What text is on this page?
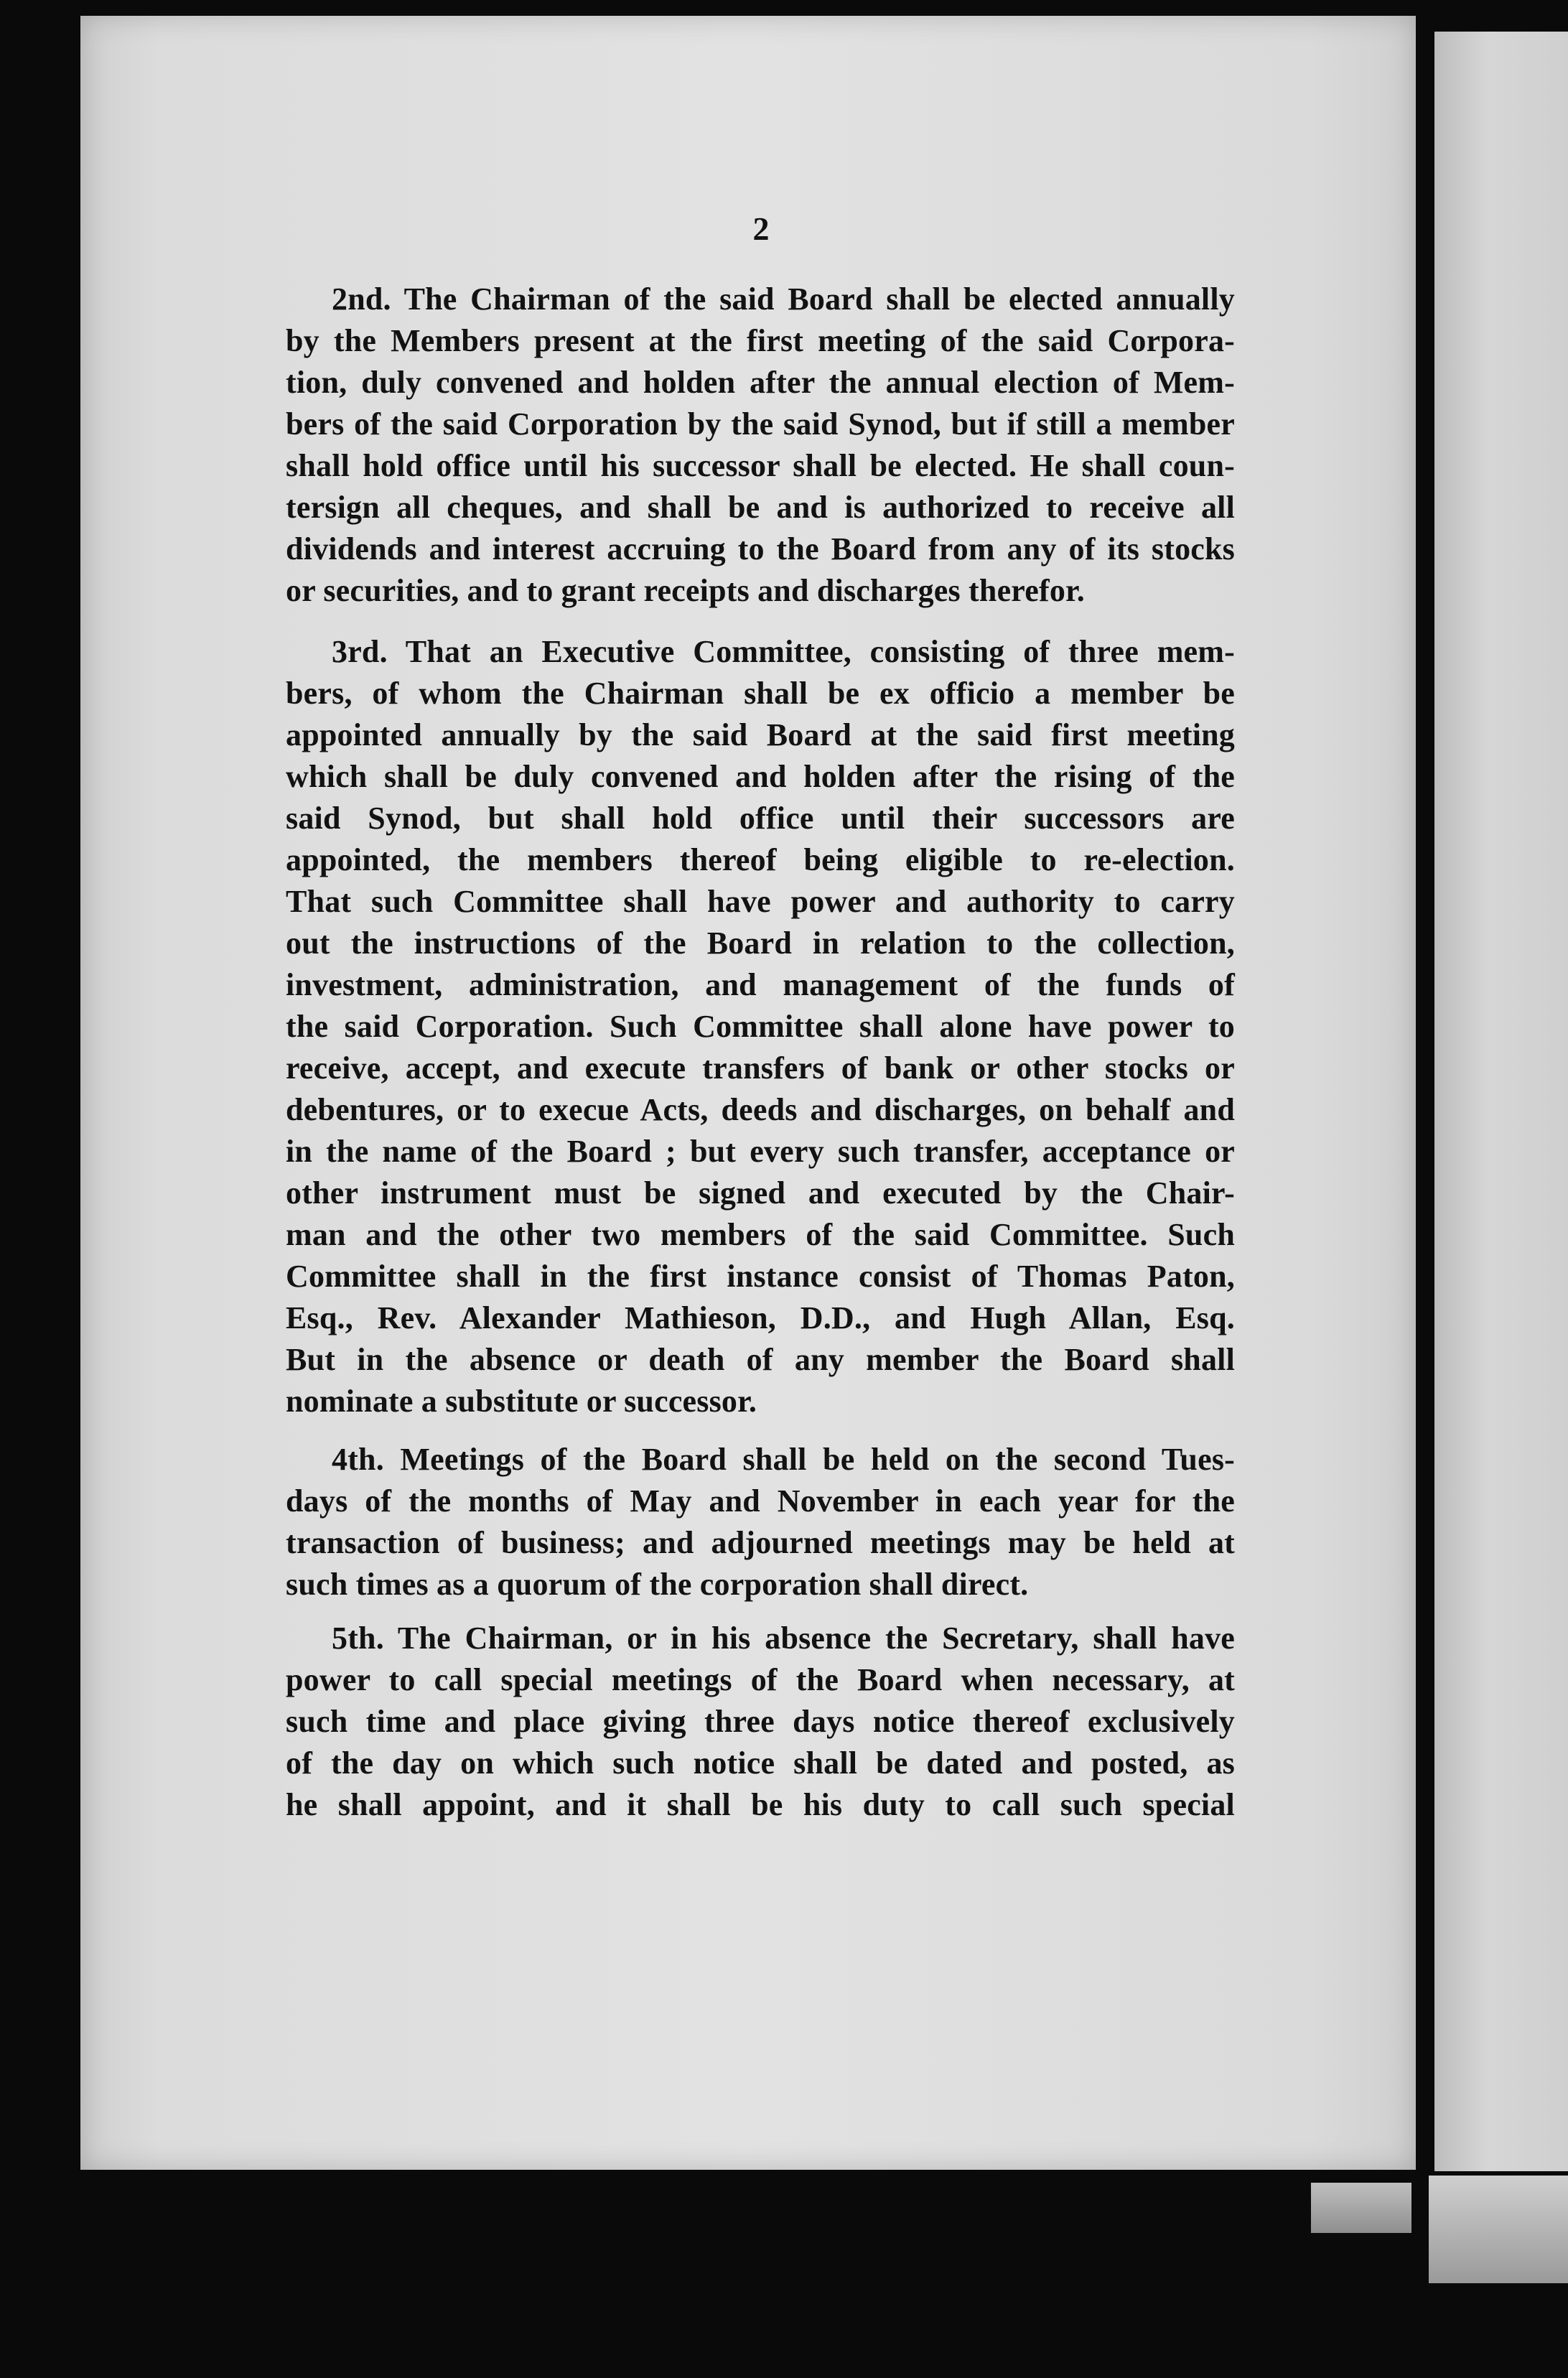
2
2nd. The Chairman of the said Board shall be elected annually
by the Members present at the first meeting of the said Corpora-
tion, duly convened and holden after the annual election of Mem-
bers of the said Corporation by the said Synod, but if still a member
shall hold office until his successor shall be elected. He shall coun-
tersign all cheques, and shall be and is authorized to receive all
dividends and interest accruing to the Board from any of its stocks
or securities, and to grant receipts and discharges therefor.
3rd. That an Executive Committee, consisting of three mem-
bers, of whom the Chairman shall be ex officio a member be
appointed annually by the said Board at the said first meeting
which shall be duly convened and holden after the rising of the
said Synod, but shall hold office until their successors are
appointed, the members thereof being eligible to re-election.
That such Committee shall have power and authority to carry
out the instructions of the Board in relation to the collection,
investment, administration, and management of the funds of
the said Corporation. Such Committee shall alone have power to
receive, accept, and execute transfers of bank or other stocks or
debentures, or to execue Acts, deeds and discharges, on behalf and
in the name of the Board ; but every such transfer, acceptance or
other instrument must be signed and executed by the Chair-
man and the other two members of the said Committee. Such
Committee shall in the first instance consist of Thomas Paton,
Esq., Rev. Alexander Mathieson, D.D., and Hugh Allan, Esq.
But in the absence or death of any member the Board shall
nominate a substitute or successor.
4th. Meetings of the Board shall be held on the second Tues-
days of the months of May and November in each year for the
transaction of business; and adjourned meetings may be held at
such times as a quorum of the corporation shall direct.
5th. The Chairman, or in his absence the Secretary, shall have
power to call special meetings of the Board when necessary, at
such time and place giving three days notice thereof exclusively
of the day on which such notice shall be dated and posted, as
he shall appoint, and it shall be his duty to call such special
